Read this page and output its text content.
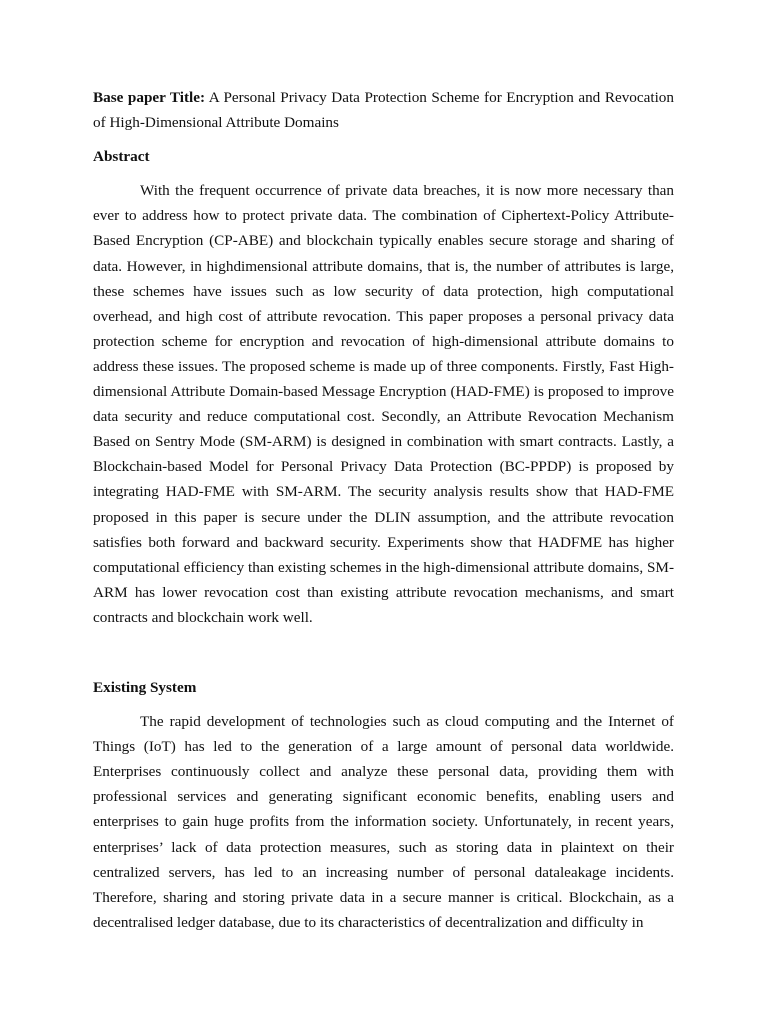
Base paper Title: A Personal Privacy Data Protection Scheme for Encryption and Revocation of High-Dimensional Attribute Domains

Abstract

With the frequent occurrence of private data breaches, it is now more necessary than ever to address how to protect private data. The combination of Ciphertext-Policy Attribute-Based Encryption (CP-ABE) and blockchain typically enables secure storage and sharing of data. However, in highdimensional attribute domains, that is, the number of attributes is large, these schemes have issues such as low security of data protection, high computational overhead, and high cost of attribute revocation. This paper proposes a personal privacy data protection scheme for encryption and revocation of high-dimensional attribute domains to address these issues. The proposed scheme is made up of three components. Firstly, Fast High-dimensional Attribute Domain-based Message Encryption (HAD-FME) is proposed to improve data security and reduce computational cost. Secondly, an Attribute Revocation Mechanism Based on Sentry Mode (SM-ARM) is designed in combination with smart contracts. Lastly, a Blockchain-based Model for Personal Privacy Data Protection (BC-PPDP) is proposed by integrating HAD-FME with SM-ARM. The security analysis results show that HAD-FME proposed in this paper is secure under the DLIN assumption, and the attribute revocation satisfies both forward and backward security. Experiments show that HADFME has higher computational efficiency than existing schemes in the high-dimensional attribute domains, SM-ARM has lower revocation cost than existing attribute revocation mechanisms, and smart contracts and blockchain work well.

Existing System

The rapid development of technologies such as cloud computing and the Internet of Things (IoT) has led to the generation of a large amount of personal data worldwide. Enterprises continuously collect and analyze these personal data, providing them with professional services and generating significant economic benefits, enabling users and enterprises to gain huge profits from the information society. Unfortunately, in recent years, enterprises’ lack of data protection measures, such as storing data in plaintext on their centralized servers, has led to an increasing number of personal dataleakage incidents. Therefore, sharing and storing private data in a secure manner is critical. Blockchain, as a decentralised ledger database, due to its characteristics of decentralization and difficulty in
